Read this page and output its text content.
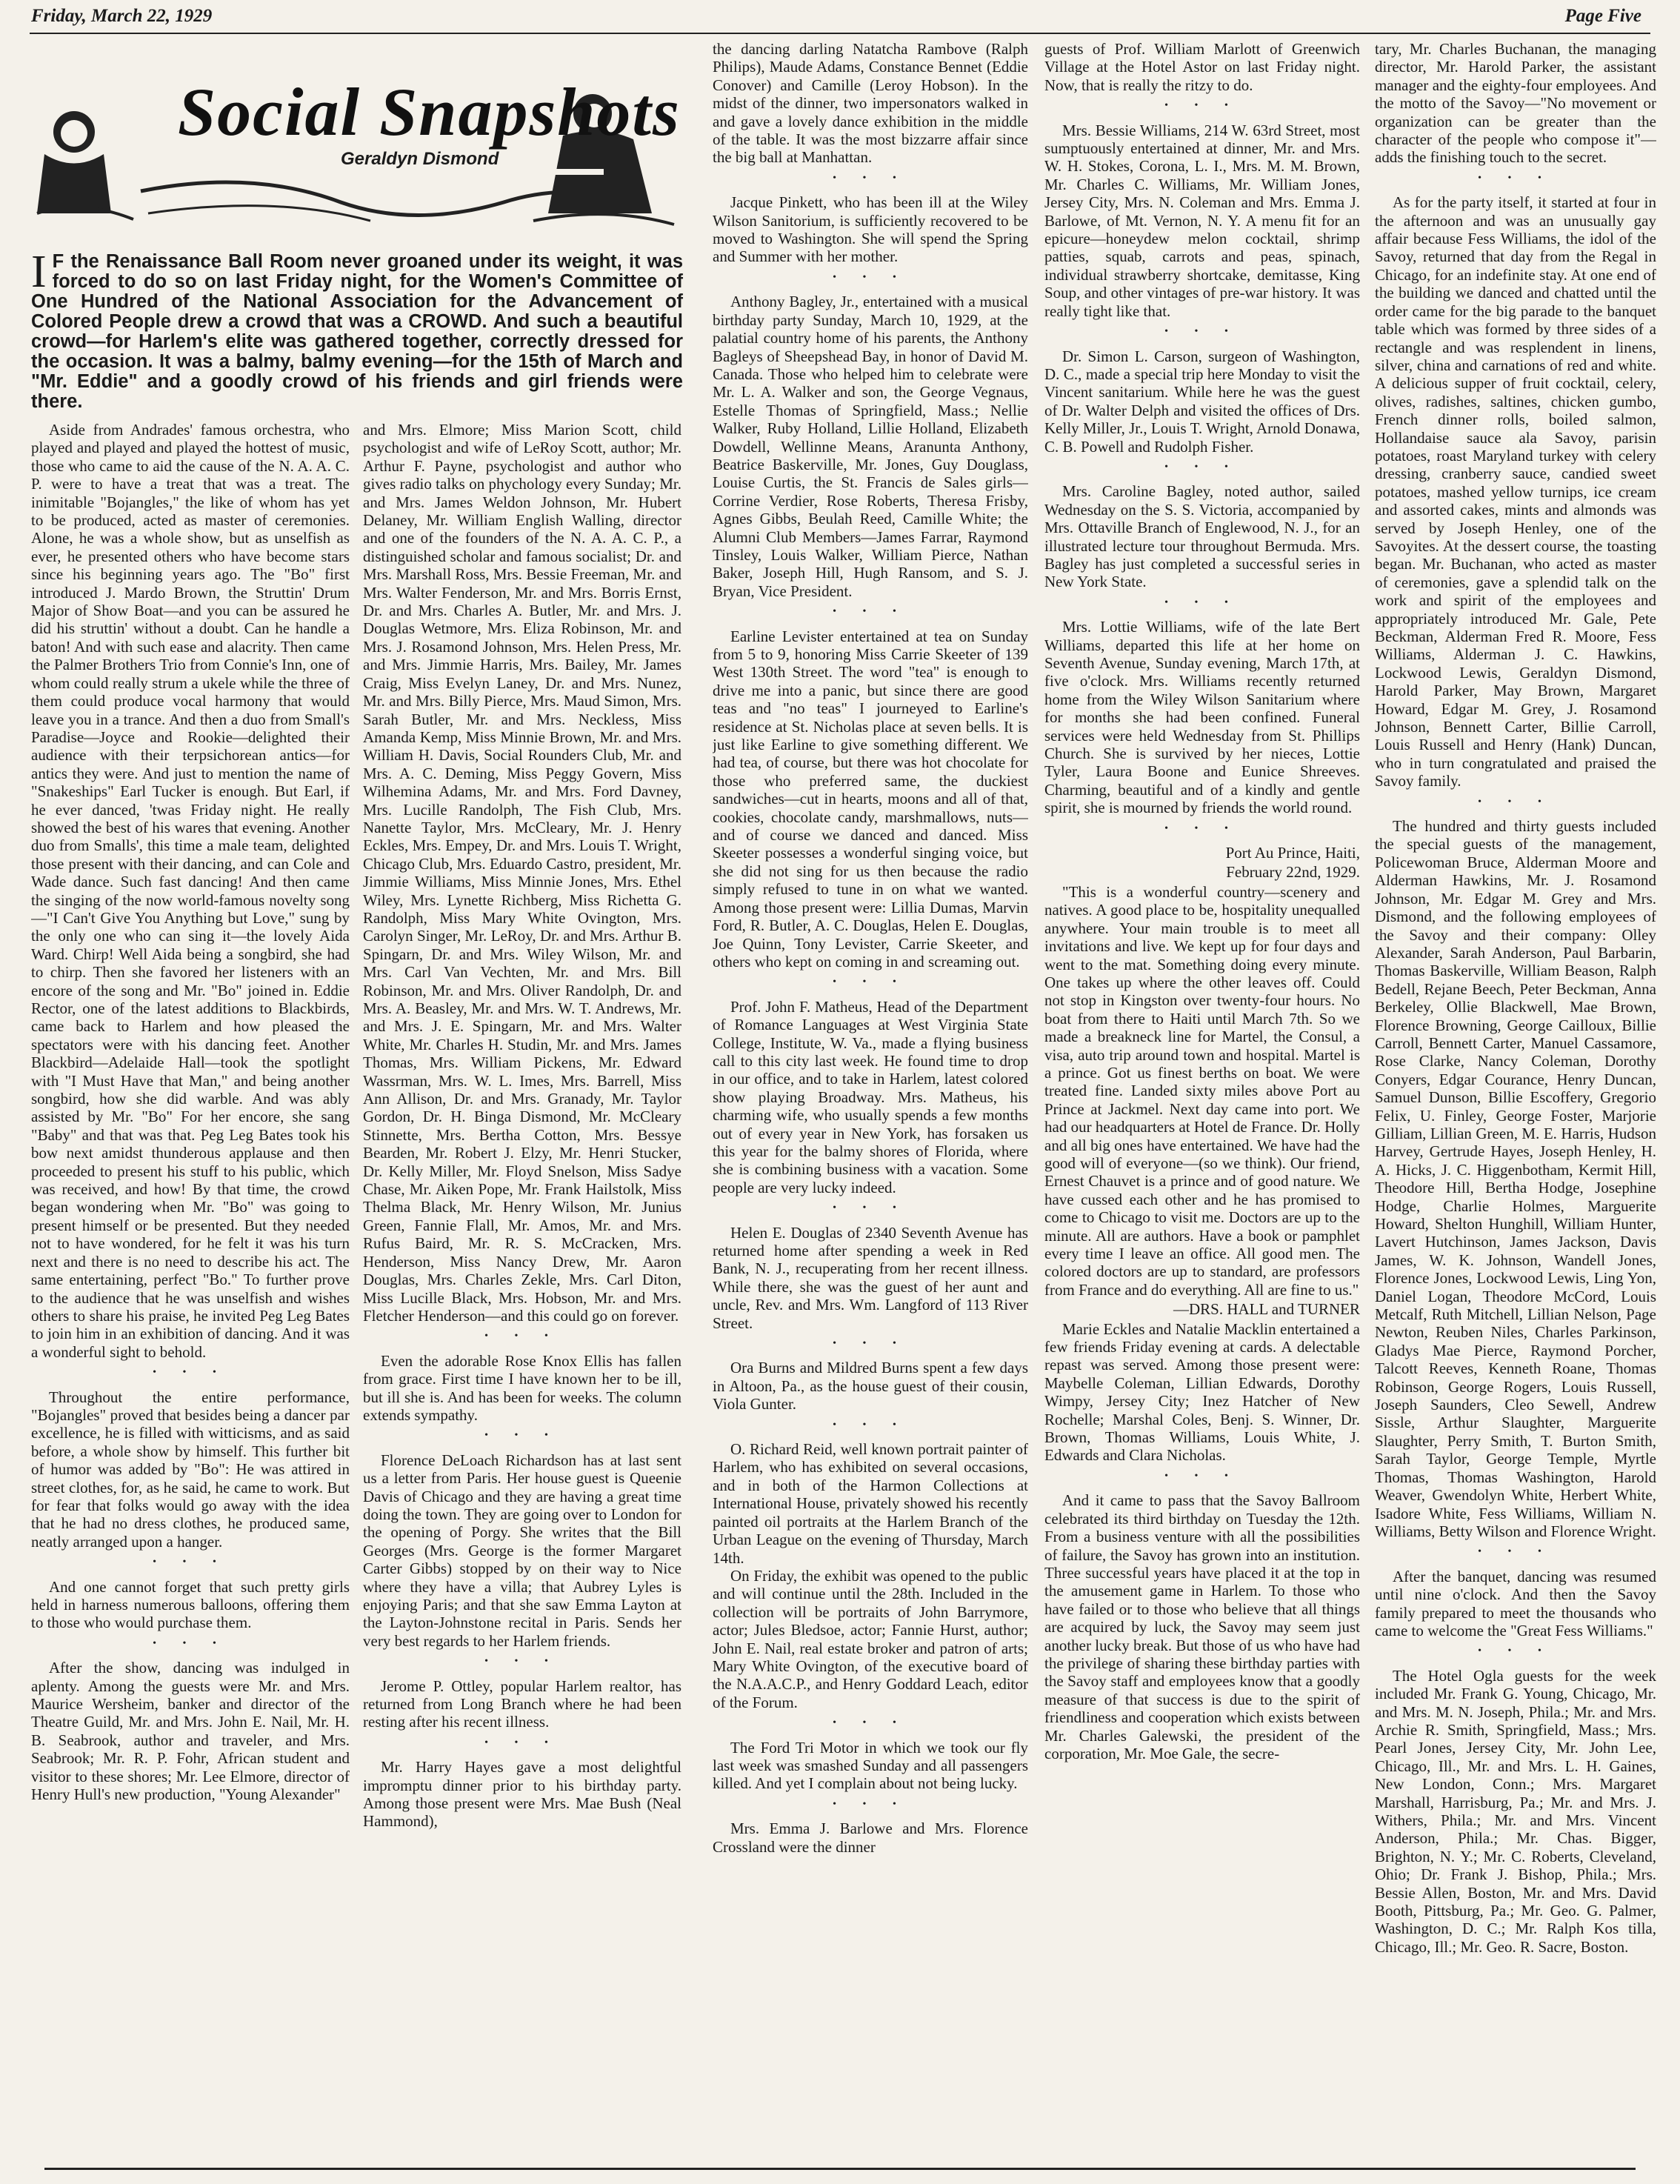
Friday, March 22, 1929	Page Five
Social Snapshots
Geraldyn Dismond
I F the Renaissance Ball Room never groaned under its weight, it was forced to do so on last Friday night, for the Women's Committee of One Hundred of the National Association for the Advancement of Colored People drew a crowd that was a CROWD. And such a beautiful crowd—for Harlem's elite was gathered together, correctly dressed for the occasion. It was a balmy, balmy evening—for the 15th of March and "Mr. Eddie" and a goodly crowd of his friends and girl friends were there.

Aside from Andrades' famous orchestra, who played and played and played the hottest of music, those who came to aid the cause of the N. A. A. C. P. were to have a treat that was a treat. The inimitable "Bojangles," the like of whom has yet to be produced, acted as master of ceremonies. Alone, he was a whole show, but as unselfish as ever, he presented others who have become stars since his beginning years ago. The "Bo" first introduced J. Mardo Brown, the Struttin' Drum Major of Show Boat—and you can be assured he did his struttin' without a doubt. Can he handle a baton! And with such ease and alacrity. Then came the Palmer Brothers Trio from Connie's Inn, one of whom could really strum a ukele while the three of them could produce vocal harmony that would leave you in a trance. And then a duo from Small's Paradise—Joyce and Rookie—delighted their audience with their terpsichorean antics—for antics they were. And just to mention the name of "Snakeships" Earl Tucker is enough. But Earl, if he ever danced, 'twas Friday night. He really showed the best of his wares that evening. Another duo from Smalls', this time a male team, delighted those present with their dancing, and can Cole and Wade dance. Such fast dancing! And then came the singing of the now world-famous novelty song—"I Can't Give You Anything but Love," sung by the only one who can sing it—the lovely Aida Ward. Chirp! Well Aida being a songbird, she had to chirp. Then she favored her listeners with an encore of the song and Mr. "Bo" joined in. Eddie Rector, one of the latest additions to Blackbirds, came back to Harlem and how pleased the spectators were with his dancing feet. Another Blackbird—Adelaide Hall—took the spotlight with "I Must Have that Man," and being another songbird, how she did warble. And was ably assisted by Mr. "Bo" For her encore, she sang "Baby" and that was that. Peg Leg Bates took his bow next amidst thunderous applause and then proceeded to present his stuff to his public, which was received, and how! By that time, the crowd began wondering when Mr. "Bo" was going to present himself or be presented. But they needed not to have wondered, for he felt it was his turn next and there is no need to describe his act. The same entertaining, perfect "Bo." To further prove to the audience that he was unselfish and wishes others to share his praise, he invited Peg Leg Bates to join him in an exhibition of dancing. And it was a wonderful sight to behold.

• • •

Throughout the entire performance, "Bojangles" proved that besides being a dancer par excellence, he is filled with witticisms, and as said before, a whole show by himself. This further bit of humor was added by "Bo": He was attired in street clothes, for, as he said, he came to work. But for fear that folks would go away with the idea that he had no dress clothes, he produced same, neatly arranged upon a hanger.

• • •

And one cannot forget that such pretty girls held in harness numerous balloons, offering them to those who would purchase them.

• • •

After the show, dancing was indulged in aplenty. Among the guests were Mr. and Mrs. Maurice Wersheim, banker and director of the Theatre Guild, Mr. and Mrs. John E. Nail, Mr. H. B. Seabrook, author and traveler, and Mrs. Seabrook; Mr. R. P. Fohr, African student and visitor to these shores; Mr. Lee Elmore, director of Henry Hull's new production, "Young Alexander"

and Mrs. Elmore; Miss Marion Scott, child psychologist and wife of LeRoy Scott, author; Mr. Arthur F. Payne, psychologist and author who gives radio talks on phychology every Sunday; Mr. and Mrs. James Weldon Johnson, Mr. Hubert Delaney, Mr. William English Walling, director and one of the founders of the N. A. A. C. P., a distinguished scholar and famous socialist; Dr. and Mrs. Marshall Ross, Mrs. Bessie Freeman, Mr. and Mrs. Walter Fenderson, Mr. and Mrs. Borris Ernst, Dr. and Mrs. Charles A. Butler, Mr. and Mrs. J. Douglas Wetmore, Mrs. Eliza Robinson, Mr. and Mrs. J. Rosamond Johnson, Mrs. Helen Press, Mr. and Mrs. Jimmie Harris, Mrs. Bailey, Mr. James Craig, Miss Evelyn Laney, Dr. and Mrs. Nunez, Mr. and Mrs. Billy Pierce, Mrs. Maud Simon, Mrs. Sarah Butler, Mr. and Mrs. Neckless, Miss Amanda Kemp, Miss Minnie Brown, Mr. and Mrs. William H. Davis, Social Rounders Club, Mr. and Mrs. A. C. Deming, Miss Peggy Govern, Miss Wilhemina Adams, Mr. and Mrs. Ford Davney, Mrs. Lucille Randolph, The Fish Club, Mrs. Nanette Taylor, Mrs. McCleary, Mr. J. Henry Eckles, Mrs. Empey, Dr. and Mrs. Louis T. Wright, Chicago Club, Mrs. Eduardo Castro, president, Mr. Jimmie Williams, Miss Minnie Jones, Mrs. Ethel Wiley, Mrs. Lynette Richberg, Miss Richetta G. Randolph, Miss Mary White Ovington, Mrs. Carolyn Singer, Mr. LeRoy, Dr. and Mrs. Arthur B. Spingarn, Dr. and Mrs. Wiley Wilson, Mr. and Mrs. Carl Van Vechten, Mr. and Mrs. Bill Robinson, Mr. and Mrs. Oliver Randolph, Dr. and Mrs. A. Beasley, Mr. and Mrs. W. T. Andrews, Mr. and Mrs. J. E. Spingarn, Mr. and Mrs. Walter White, Mr. Charles H. Studin, Mr. and Mrs. James Thomas, Mrs. William Pickens, Mr. Edward Wassrman, Mrs. W. L. Imes, Mrs. Barrell, Miss Ann Allison, Dr. and Mrs. Granady, Mr. Taylor Gordon, Dr. H. Binga Dismond, Mr. McCleary Stinnette, Mrs. Bertha Cotton, Mrs. Bessye Bearden, Mr. Robert J. Elzy, Mr. Henri Stucker, Dr. Kelly Miller, Mr. Floyd Snelson, Miss Sadye Chase, Mr. Aiken Pope, Mr. Frank Hailstolk, Miss Thelma Black, Mr. Henry Wilson, Mr. Junius Green, Fannie Flall, Mr. Amos, Mr. and Mrs. Rufus Baird, Mr. R. S. McCracken, Mrs. Henderson, Miss Nancy Drew, Mr. Aaron Douglas, Mrs. Charles Zekle, Mrs. Carl Diton, Miss Lucille Black, Mrs. Hobson, Mr. and Mrs. Fletcher Henderson—and this could go on forever.

• • •

Even the adorable Rose Knox Ellis has fallen from grace. First time I have known her to be ill, but ill she is. And has been for weeks. The column extends sympathy.

• • •

Florence DeLoach Richardson has at last sent us a letter from Paris. Her house guest is Queenie Davis of Chicago and they are having a great time doing the town. They are going over to London for the opening of Porgy. She writes that the Bill Georges (Mrs. George is the former Margaret Carter Gibbs) stopped by on their way to Nice where they have a villa; that Aubrey Lyles is enjoying Paris; and that she saw Emma Layton at the Layton-Johnstone recital in Paris. Sends her very best regards to her Harlem friends.

• • •

Jerome P. Ottley, popular Harlem realtor, has returned from Long Branch where he had been resting after his recent illness.

• • •

Mr. Harry Hayes gave a most delightful impromptu dinner prior to his birthday party. Among those present were Mrs. Mae Bush (Neal Hammond),

the dancing darling Natatcha Rambove (Ralph Philips), Maude Adams, Constance Bennet (Eddie Conover) and Camille (Leroy Hobson). In the midst of the dinner, two impersonators walked in and gave a lovely dance exhibition in the middle of the table. It was the most bizzarre affair since the big ball at Manhattan.

• • •

Jacque Pinkett, who has been ill at the Wiley Wilson Sanitorium, is sufficiently recovered to be moved to Washington. She will spend the Spring and Summer with her mother.

• • •

Anthony Bagley, Jr., entertained with a musical birthday party Sunday, March 10, 1929, at the palatial country home of his parents, the Anthony Bagleys of Sheepshead Bay, in honor of David M. Canada. Those who helped him to celebrate were Mr. L. A. Walker and son, the George Vegnaus, Estelle Thomas of Springfield, Mass.; Nellie Walker, Ruby Holland, Lillie Holland, Elizabeth Dowdell, Wellinne Means, Aranunta Anthony, Beatrice Baskerville, Mr. Jones, Guy Douglass, Louise Curtis, the St. Francis de Sales girls—Corrine Verdier, Rose Roberts, Theresa Frisby, Agnes Gibbs, Beulah Reed, Camille White; the Alumni Club Members—James Farrar, Raymond Tinsley, Louis Walker, William Pierce, Nathan Baker, Joseph Hill, Hugh Ransom, and S. J. Bryan, Vice President.

• • •

Earline Levister entertained at tea on Sunday from 5 to 9, honoring Miss Carrie Skeeter of 139 West 130th Street. The word "tea" is enough to drive me into a panic, but since there are good teas and "no teas" I journeyed to Earline's residence at St. Nicholas place at seven bells. It is just like Earline to give something different. We had tea, of course, but there was hot chocolate for those who preferred same, the duckiest sandwiches—cut in hearts, moons and all of that, cookies, chocolate candy, marshmallows, nuts—and of course we danced and danced. Miss Skeeter possesses a wonderful singing voice, but she did not sing for us then because the radio simply refused to tune in on what we wanted. Among those present were: Lillia Dumas, Marvin Ford, R. Butler, A. C. Douglas, Helen E. Douglas, Joe Quinn, Tony Levister, Carrie Skeeter, and others who kept on coming in and screaming out.

• • •

Prof. John F. Matheus, Head of the Department of Romance Languages at West Virginia State College, Institute, W. Va., made a flying business call to this city last week. He found time to drop in our office, and to take in Harlem, latest colored show playing Broadway. Mrs. Matheus, his charming wife, who usually spends a few months out of every year in New York, has forsaken us this year for the balmy shores of Florida, where she is combining business with a vacation. Some people are very lucky indeed.

• • •

Helen E. Douglas of 2340 Seventh Avenue has returned home after spending a week in Red Bank, N. J., recuperating from her recent illness. While there, she was the guest of her aunt and uncle, Rev. and Mrs. Wm. Langford of 113 River Street.

• • •

Ora Burns and Mildred Burns spent a few days in Altoon, Pa., as the house guest of their cousin, Viola Gunter.

• • •

O. Richard Reid, well known portrait painter of Harlem, who has exhibited on several occasions, and in both of the Harmon Collections at International House, privately showed his recently painted oil portraits at the Harlem Branch of the Urban League on the evening of Thursday, March 14th.

On Friday, the exhibit was opened to the public and will continue until the 28th. Included in the collection will be portraits of John Barrymore, actor; Jules Bledsoe, actor; Fannie Hurst, author; John E. Nail, real estate broker and patron of arts; Mary White Ovington, of the executive board of the N.A.A.C.P., and Henry Goddard Leach, editor of the Forum.

• • •

The Ford Tri Motor in which we took our fly last week was smashed Sunday and all passengers killed. And yet I complain about not being lucky.

• • •

Mrs. Emma J. Barlowe and Mrs. Florence Crossland were the dinner

guests of Prof. William Marlott of Greenwich Village at the Hotel Astor on last Friday night. Now, that is really the ritzy to do.

• • •

Mrs. Bessie Williams, 214 W. 63rd Street, most sumptuously entertained at dinner, Mr. and Mrs. W. H. Stokes, Corona, L. I., Mrs. M. M. Brown, Mr. Charles C. Williams, Mr. William Jones, Jersey City, Mrs. N. Coleman and Mrs. Emma J. Barlowe, of Mt. Vernon, N. Y. A menu fit for an epicure—honeydew melon cocktail, shrimp patties, squab, carrots and peas, spinach, individual strawberry shortcake, demitasse, King Soup, and other vintages of pre-war history. It was really tight like that.

• • •

Dr. Simon L. Carson, surgeon of Washington, D. C., made a special trip here Monday to visit the Vincent sanitarium. While here he was the guest of Dr. Walter Delph and visited the offices of Drs. Kelly Miller, Jr., Louis T. Wright, Arnold Donawa, C. B. Powell and Rudolph Fisher.

• • •

Mrs. Caroline Bagley, noted author, sailed Wednesday on the S. S. Victoria, accompanied by Mrs. Ottaville Branch of Englewood, N. J., for an illustrated lecture tour throughout Bermuda. Mrs. Bagley has just completed a successful series in New York State.

• • •

Mrs. Lottie Williams, wife of the late Bert Williams, departed this life at her home on Seventh Avenue, Sunday evening, March 17th, at five o'clock. Mrs. Williams recently returned home from the Wiley Wilson Sanitarium where for months she had been confined. Funeral services were held Wednesday from St. Phillips Church. She is survived by her nieces, Lottie Tyler, Laura Boone and Eunice Shreeves. Charming, beautiful and of a kindly and gentle spirit, she is mourned by friends the world round.

• • •

Port Au Prince, Haiti,

February 22nd, 1929.

"This is a wonderful country—scenery and natives. A good place to be, hospitality unequalled anywhere. Your main trouble is to meet all invitations and live. We kept up for four days and went to the mat. Something doing every minute. One takes up where the other leaves off. Could not stop in Kingston over twenty-four hours. No boat from there to Haiti until March 7th. So we made a breakneck line for Martel, the Consul, a visa, auto trip around town and hospital. Martel is a prince. Got us finest berths on boat. We were treated fine. Landed sixty miles above Port au Prince at Jackmel. Next day came into port. We had our headquarters at Hotel de France. Dr. Holly and all big ones have entertained. We have had the good will of everyone—(so we think). Our friend, Ernest Chauvet is a prince and of good nature. We have cussed each other and he has promised to come to Chicago to visit me. Doctors are up to the minute. All are authors. Have a book or pamphlet every time I leave an office. All good men. The colored doctors are up to standard, are professors from France and do everything. All are fine to us."

—DRS. HALL and TURNER

Marie Eckles and Natalie Macklin entertained a few friends Friday evening at cards. A delectable repast was served. Among those present were: Maybelle Coleman, Lillian Edwards, Dorothy Wimpy, Jersey City; Inez Hatcher of New Rochelle; Marshal Coles, Benj. S. Winner, Dr. Brown, Thomas Williams, Louis White, J. Edwards and Clara Nicholas.

• • •

And it came to pass that the Savoy Ballroom celebrated its third birthday on Tuesday the 12th. From a business venture with all the possibilities of failure, the Savoy has grown into an institution. Three successful years have placed it at the top in the amusement game in Harlem. To those who have failed or to those who believe that all things are acquired by luck, the Savoy may seem just another lucky break. But those of us who have had the privilege of sharing these birthday parties with the Savoy staff and employees know that a goodly measure of that success is due to the spirit of friendliness and cooperation which exists between Mr. Charles Galewski, the president of the corporation, Mr. Moe Gale, the secre-

tary, Mr. Charles Buchanan, the managing director, Mr. Harold Parker, the assistant manager and the eighty-four employees. And the motto of the Savoy—"No movement or organization can be greater than the character of the people who compose it"—adds the finishing touch to the secret.

• • •

As for the party itself, it started at four in the afternoon and was an unusually gay affair because Fess Williams, the idol of the Savoy, returned that day from the Regal in Chicago, for an indefinite stay. At one end of the building we danced and chatted until the order came for the big parade to the banquet table which was formed by three sides of a rectangle and was resplendent in linens, silver, china and carnations of red and white. A delicious supper of fruit cocktail, celery, olives, radishes, saltines, chicken gumbo, French dinner rolls, boiled salmon, Hollandaise sauce ala Savoy, parisin potatoes, roast Maryland turkey with celery dressing, cranberry sauce, candied sweet potatoes, mashed yellow turnips, ice cream and assorted cakes, mints and almonds was served by Joseph Henley, one of the Savoyites. At the dessert course, the toasting began. Mr. Buchanan, who acted as master of ceremonies, gave a splendid talk on the work and spirit of the employees and appropriately introduced Mr. Gale, Pete Beckman, Alderman Fred R. Moore, Fess Williams, Alderman J. C. Hawkins, Lockwood Lewis, Geraldyn Dismond, Harold Parker, May Brown, Margaret Howard, Edgar M. Grey, J. Rosamond Johnson, Bennett Carter, Billie Carroll, Louis Russell and Henry (Hank) Duncan, who in turn congratulated and praised the Savoy family.

• • •

The hundred and thirty guests included the special guests of the management, Policewoman Bruce, Alderman Moore and Alderman Hawkins, Mr. J. Rosamond Johnson, Mr. Edgar M. Grey and Mrs. Dismond, and the following employees of the Savoy and their company: Olley Alexander, Sarah Anderson, Paul Barbarin, Thomas Baskerville, William Beason, Ralph Bedell, Rejane Beech, Peter Beckman, Anna Berkeley, Ollie Blackwell, Mae Brown, Florence Browning, George Cailloux, Billie Carroll, Bennett Carter, Manuel Cassamore, Rose Clarke, Nancy Coleman, Dorothy Conyers, Edgar Courance, Henry Duncan, Samuel Dunson, Billie Escoffery, Gregorio Felix, U. Finley, George Foster, Marjorie Gilliam, Lillian Green, M. E. Harris, Hudson Harvey, Gertrude Hayes, Joseph Henley, H. A. Hicks, J. C. Higgenbotham, Kermit Hill, Theodore Hill, Bertha Hodge, Josephine Hodge, Charlie Holmes, Marguerite Howard, Shelton Hunghill, William Hunter, Lavert Hutchinson, James Jackson, Davis James, W. K. Johnson, Wandell Jones, Florence Jones, Lockwood Lewis, Ling Yon, Daniel Logan, Theodore McCord, Louis Metcalf, Ruth Mitchell, Lillian Nelson, Page Newton, Reuben Niles, Charles Parkinson, Gladys Mae Pierce, Raymond Porcher, Talcott Reeves, Kenneth Roane, Thomas Robinson, George Rogers, Louis Russell, Joseph Saunders, Cleo Sewell, Andrew Sissle, Arthur Slaughter, Marguerite Slaughter, Perry Smith, T. Burton Smith, Sarah Taylor, George Temple, Myrtle Thomas, Thomas Washington, Harold Weaver, Gwendolyn White, Herbert White, Isadore White, Fess Williams, William N. Williams, Betty Wilson and Florence Wright.

• • •

After the banquet, dancing was resumed until nine o'clock. And then the Savoy family prepared to meet the thousands who came to welcome the "Great Fess Williams."

• • •

The Hotel Ogla guests for the week included Mr. Frank G. Young, Chicago, Mr. and Mrs. M. N. Joseph, Phila.; Mr. and Mrs. Archie R. Smith, Springfield, Mass.; Mrs. Pearl Jones, Jersey City, Mr. John Lee, Chicago, Ill., Mr. and Mrs. L. H. Gaines, New London, Conn.; Mrs. Margaret Marshall, Harrisburg, Pa.; Mr. and Mrs. J. Withers, Phila.; Mr. and Mrs. Vincent Anderson, Phila.; Mr. Chas. Bigger, Brighton, N. Y.; Mr. C. Roberts, Cleveland, Ohio; Dr. Frank J. Bishop, Phila.; Mrs. Bessie Allen, Boston, Mr. and Mrs. David Booth, Pittsburg, Pa.; Mr. Geo. G. Palmer, Washington, D. C.; Mr. Ralph Kos tilla, Chicago, Ill.; Mr. Geo. R. Sacre, Boston.
